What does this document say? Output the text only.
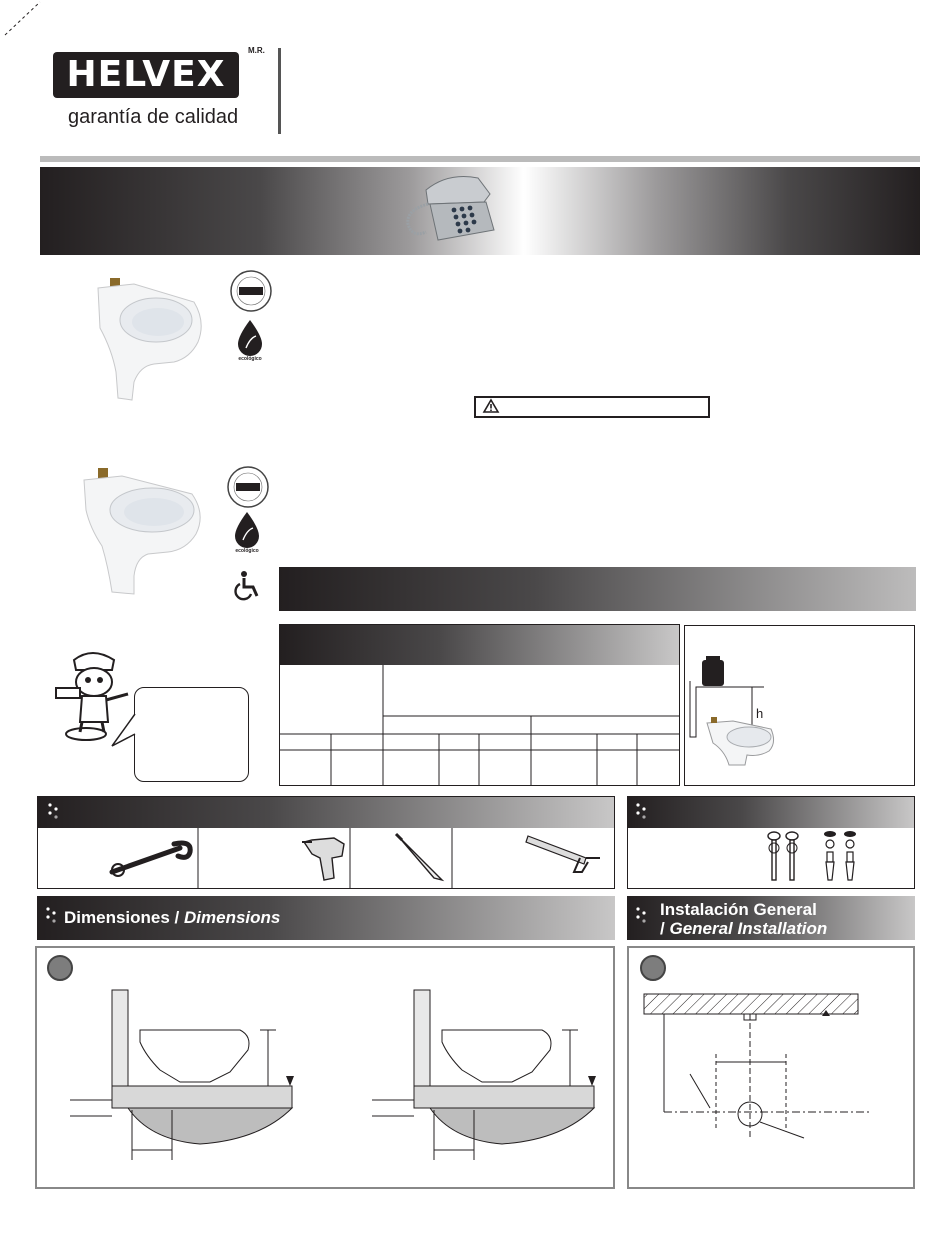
HELVEX
M.R.
garantía de calidad
Grado
ecológico
Grado
ecológico
h
Dimensiones / Dimensions	Instalación General
/ General Installation
